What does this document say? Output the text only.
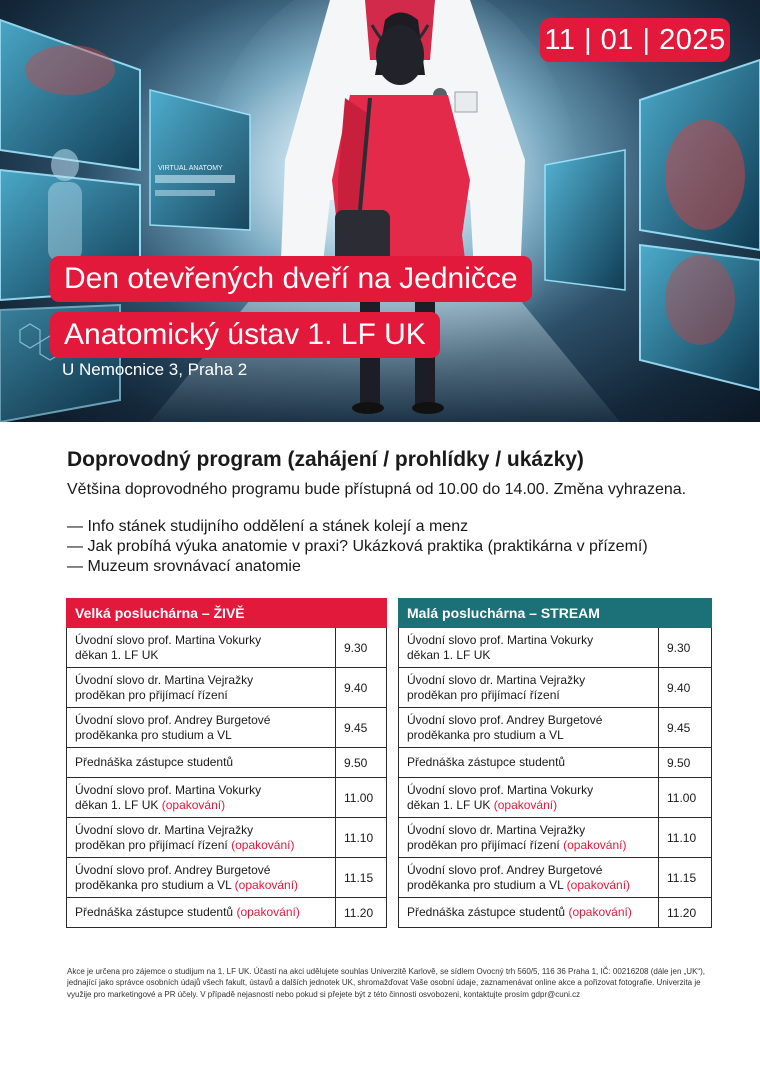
VIRTUAL ANATOMY
11 | 01 | 2025
Den otevřených dveří na Jedničce
Anatomický ústav 1. LF UK
U Nemocnice 3, Praha 2
Doprovodný program (zahájení / prohlídky / ukázky)

Většina doprovodného programu bude přístupná od 10.00 do 14.00. Změna vyhrazena.

— Info stánek studijního oddělení a stánek kolejí a menz
— Jak probíhá výuka anatomie v praxi? Ukázková praktika (praktikárna v přízemí)
— Muzeum srovnávací anatomie
Velká posluchárna – ŽIVĚ	
Úvodní slovo prof. Martina Vokurky
děkan 1. LF UK	9.30
Úvodní slovo dr. Martina Vejražky
proděkan pro přijímací řízení	9.40
Úvodní slovo prof. Andrey Burgetové
proděkanka pro studium a VL	9.45
Přednáška zástupce studentů	9.50
Úvodní slovo prof. Martina Vokurky
děkan 1. LF UK (opakování)	11.00
Úvodní slovo dr. Martina Vejražky
proděkan pro přijímací řízení (opakování)	11.10
Úvodní slovo prof. Andrey Burgetové
proděkanka pro studium a VL (opakování)	11.15
Přednáška zástupce studentů (opakování)	11.20
Malá posluchárna – STREAM	
Úvodní slovo prof. Martina Vokurky
děkan 1. LF UK	9.30
Úvodní slovo dr. Martina Vejražky
proděkan pro přijímací řízení	9.40
Úvodní slovo prof. Andrey Burgetové
proděkanka pro studium a VL	9.45
Přednáška zástupce studentů	9.50
Úvodní slovo prof. Martina Vokurky
děkan 1. LF UK (opakování)	11.00
Úvodní slovo dr. Martina Vejražky
proděkan pro přijímací řízení (opakování)	11.10
Úvodní slovo prof. Andrey Burgetové
proděkanka pro studium a VL (opakování)	11.15
Přednáška zástupce studentů (opakování)	11.20

Akce je určena pro zájemce o studijum na 1. LF UK. Účastí na akci udělujete souhlas Univerzitě Karlově, se sídlem Ovocný trh 560/5, 116 36 Praha 1, IČ: 00216208 (dále jen „UK“), jednající jako správce osobních údajů všech fakult, ústavů a dalších jednotek UK, shromažďovat Vaše osobní údaje, zaznamenávat online akce a pořizovat fotografie. Univerzita je využije pro marketingové a PR účely. V případě nejasností nebo pokud si přejete být z této činnosti osvobozeni, kontaktujte prosím gdpr@cuni.cz
